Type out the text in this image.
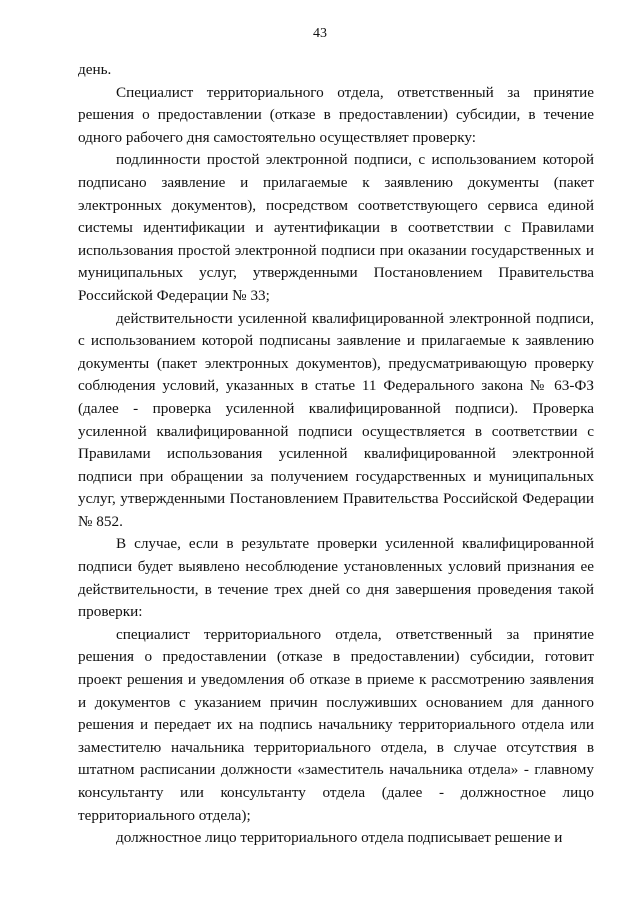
43

день.

Специалист территориального отдела, ответственный за принятие решения о предоставлении (отказе в предоставлении) субсидии, в течение одного рабочего дня самостоятельно осуществляет проверку:

подлинности простой электронной подписи, с использованием которой подписано заявление и прилагаемые к заявлению документы (пакет электронных документов), посредством соответствующего сервиса единой системы идентификации и аутентификации в соответствии с Правилами использования простой электронной подписи при оказании государственных и муниципальных услуг, утвержденными Постановлением Правительства Российской Федерации № 33;

действительности усиленной квалифицированной электронной подписи, с использованием которой подписаны заявление и прилагаемые к заявлению документы (пакет электронных документов), предусматривающую проверку соблюдения условий, указанных в статье 11 Федерального закона № 63-ФЗ (далее - проверка усиленной квалифицированной подписи). Проверка усиленной квалифицированной подписи осуществляется в соответствии с Правилами использования усиленной квалифицированной электронной подписи при обращении за получением государственных и муниципальных услуг, утвержденными Постановлением Правительства Российской Федерации № 852.

В случае, если в результате проверки усиленной квалифицированной подписи будет выявлено несоблюдение установленных условий признания ее действительности, в течение трех дней со дня завершения проведения такой проверки:

специалист территориального отдела, ответственный за принятие решения о предоставлении (отказе в предоставлении) субсидии, готовит проект решения и уведомления об отказе в приеме к рассмотрению заявления и документов с указанием причин послуживших основанием для данного решения и передает их на подпись начальнику территориального отдела или заместителю начальника территориального отдела, в случае отсутствия в штатном расписании должности «заместитель начальника отдела» - главному консультанту или консультанту отдела (далее - должностное лицо территориального отдела);

должностное лицо территориального отдела подписывает решение и
